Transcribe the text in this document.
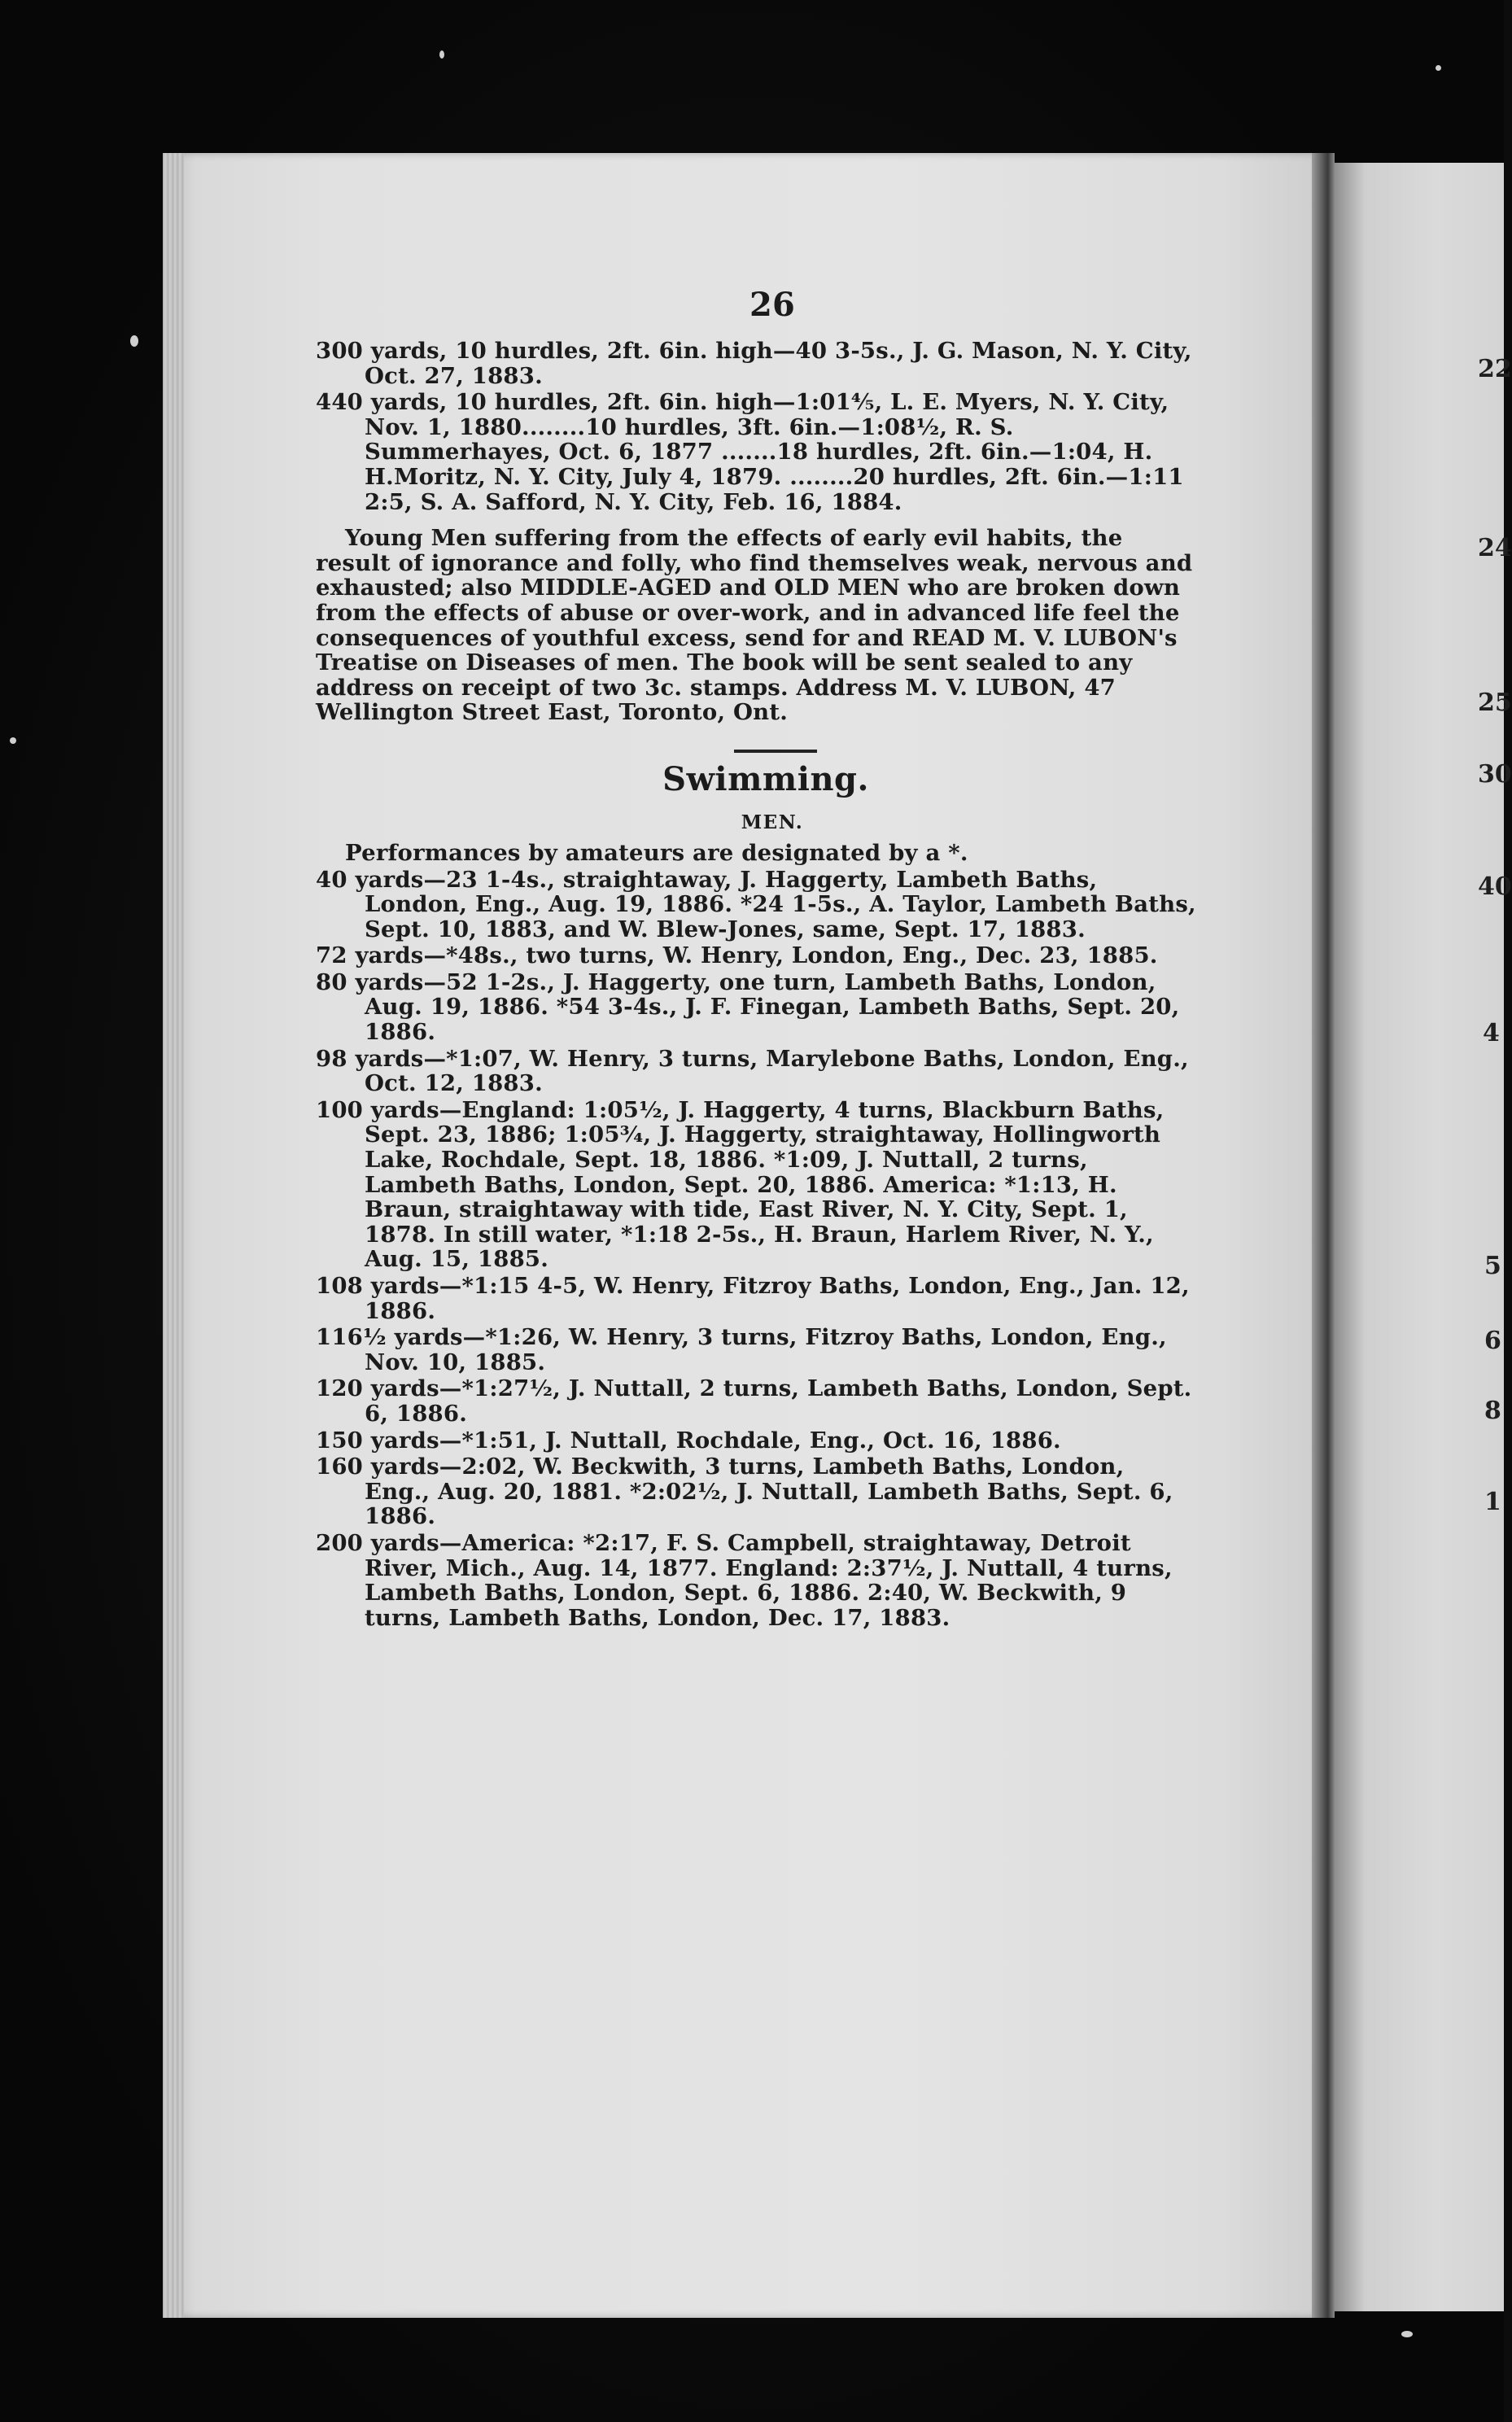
22
24
25
30
40
4
5
6
8
1
26

300 yards, 10 hurdles, 2ft. 6in. high—40 3-5s., J. G. Mason, N. Y. City, Oct. 27, 1883.

440 yards, 10 hurdles, 2ft. 6in. high—1:01⅘, L. E. Myers, N. Y. City, Nov. 1, 1880........10 hurdles, 3ft. 6in.—1:08½, R. S. Summerhayes, Oct. 6, 1877 .......18 hurdles, 2ft. 6in.—1:04, H. H.Moritz, N. Y. City, July 4, 1879. ........20 hurdles, 2ft. 6in.—1:11 2:5, S. A. Safford, N. Y. City, Feb. 16, 1884.

Young Men suffering from the effects of early evil habits, the result of ignorance and folly, who find themselves weak, nervous and exhausted; also MIDDLE-AGED and OLD MEN who are broken down from the effects of abuse or over-work, and in advanced life feel the consequences of youthful excess, send for and READ M. V. LUBON's Treatise on Diseases of men. The book will be sent sealed to any address on receipt of two 3c. stamps. Address M. V. LUBON, 47 Wellington Street East, Toronto, Ont.

Swimming.
MEN.

Performances by amateurs are designated by a *.

40 yards—23 1-4s., straightaway, J. Haggerty, Lambeth Baths, London, Eng., Aug. 19, 1886. *24 1-5s., A. Taylor, Lambeth Baths, Sept. 10, 1883, and W. Blew-Jones, same, Sept. 17, 1883.

72 yards—*48s., two turns, W. Henry, London, Eng., Dec. 23, 1885.

80 yards—52 1-2s., J. Haggerty, one turn, Lambeth Baths, London, Aug. 19, 1886. *54 3-4s., J. F. Finegan, Lambeth Baths, Sept. 20, 1886.

98 yards—*1:07, W. Henry, 3 turns, Marylebone Baths, London, Eng., Oct. 12, 1883.

100 yards—England: 1:05½, J. Haggerty, 4 turns, Blackburn Baths, Sept. 23, 1886; 1:05¾, J. Haggerty, straightaway, Hollingworth Lake, Rochdale, Sept. 18, 1886. *1:09, J. Nuttall, 2 turns, Lambeth Baths, London, Sept. 20, 1886. America: *1:13, H. Braun, straightaway with tide, East River, N. Y. City, Sept. 1, 1878. In still water, *1:18 2-5s., H. Braun, Harlem River, N. Y., Aug. 15, 1885.

108 yards—*1:15 4-5, W. Henry, Fitzroy Baths, London, Eng., Jan. 12, 1886.

116½ yards—*1:26, W. Henry, 3 turns, Fitzroy Baths, London, Eng., Nov. 10, 1885.

120 yards—*1:27½, J. Nuttall, 2 turns, Lambeth Baths, London, Sept. 6, 1886.

150 yards—*1:51, J. Nuttall, Rochdale, Eng., Oct. 16, 1886.

160 yards—2:02, W. Beckwith, 3 turns, Lambeth Baths, London, Eng., Aug. 20, 1881. *2:02½, J. Nuttall, Lambeth Baths, Sept. 6, 1886.

200 yards—America: *2:17, F. S. Campbell, straightaway, Detroit River, Mich., Aug. 14, 1877. England: 2:37½, J. Nuttall, 4 turns, Lambeth Baths, London, Sept. 6, 1886. 2:40, W. Beckwith, 9 turns, Lambeth Baths, London, Dec. 17, 1883.
